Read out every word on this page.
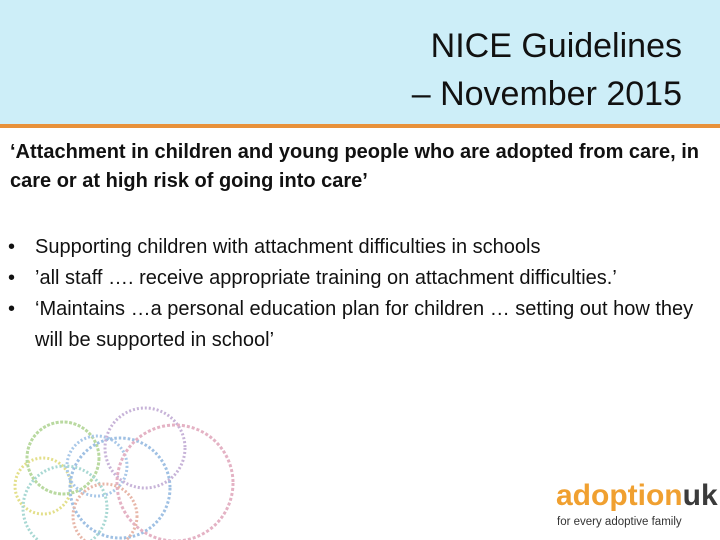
NICE Guidelines
– November 2015
‘Attachment in children and young people who are adopted from care, in care or at high risk of going into care’
• Supporting children with attachment difficulties in schools
• ’all staff …. receive appropriate training on attachment difficulties.’
• ‘Maintains …a personal education plan for children … setting out how they will be supported in school’
adoptionuk
for every adoptive family
